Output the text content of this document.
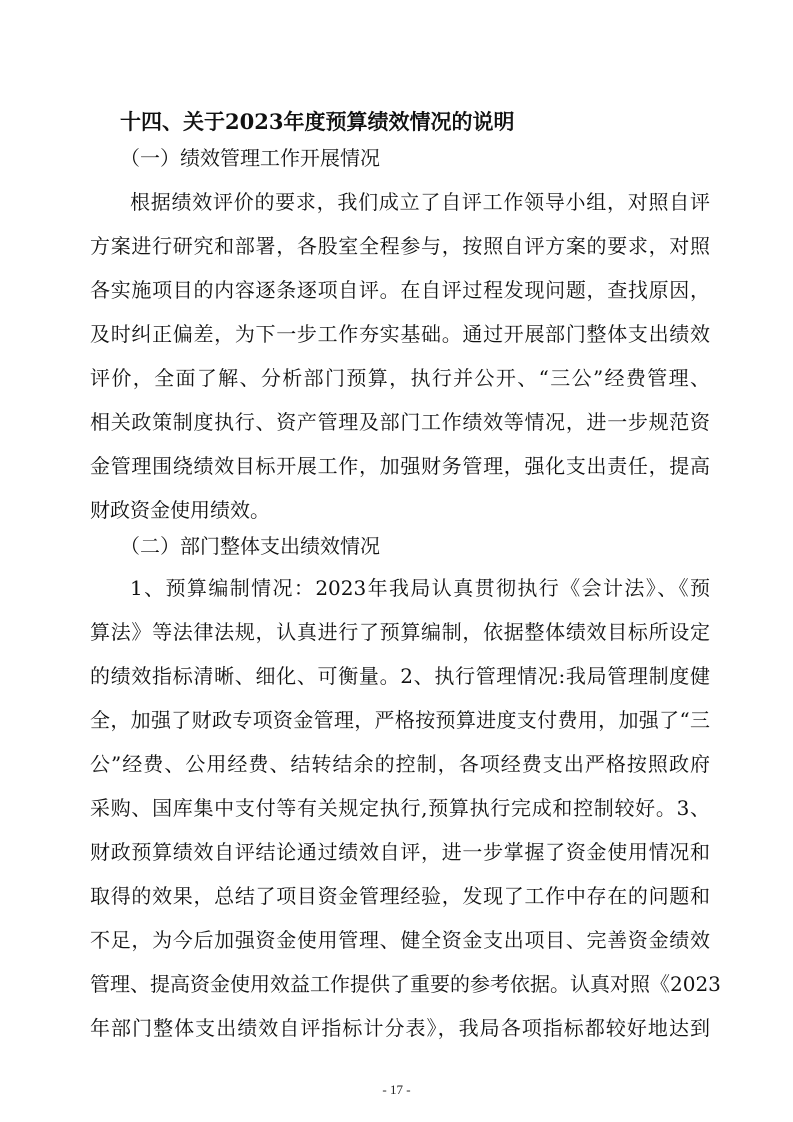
十四、关于2023年度预算绩效情况的说明
（一）绩效管理工作开展情况
根据绩效评价的要求，我们成立了自评工作领导小组，对照自评
方案进行研究和部署，各股室全程参与，按照自评方案的要求，对照
各实施项目的内容逐条逐项自评。在自评过程发现问题，查找原因，
及时纠正偏差，为下一步工作夯实基础。通过开展部门整体支出绩效
评价，全面了解、分析部门预算，执行并公开、“三公”经费管理、
相关政策制度执行、资产管理及部门工作绩效等情况，进一步规范资
金管理围绕绩效目标开展工作，加强财务管理，强化支出责任，提高
财政资金使用绩效。
（二）部门整体支出绩效情况
1、预算编制情况：2023年我局认真贯彻执行《会计法》、《预
算法》等法律法规，认真进行了预算编制，依据整体绩效目标所设定
的绩效指标清晰、细化、可衡量。2、执行管理情况:我局管理制度健
全，加强了财政专项资金管理，严格按预算进度支付费用，加强了“三
公”经费、公用经费、结转结余的控制，各项经费支出严格按照政府
采购、国库集中支付等有关规定执行,预算执行完成和控制较好。3、
财政预算绩效自评结论通过绩效自评，进一步掌握了资金使用情况和
取得的效果，总结了项目资金管理经验，发现了工作中存在的问题和
不足，为今后加强资金使用管理、健全资金支出项目、完善资金绩效
管理、提高资金使用效益工作提供了重要的参考依据。认真对照《2023
年部门整体支出绩效自评指标计分表》，我局各项指标都较好地达到
- 17 -
